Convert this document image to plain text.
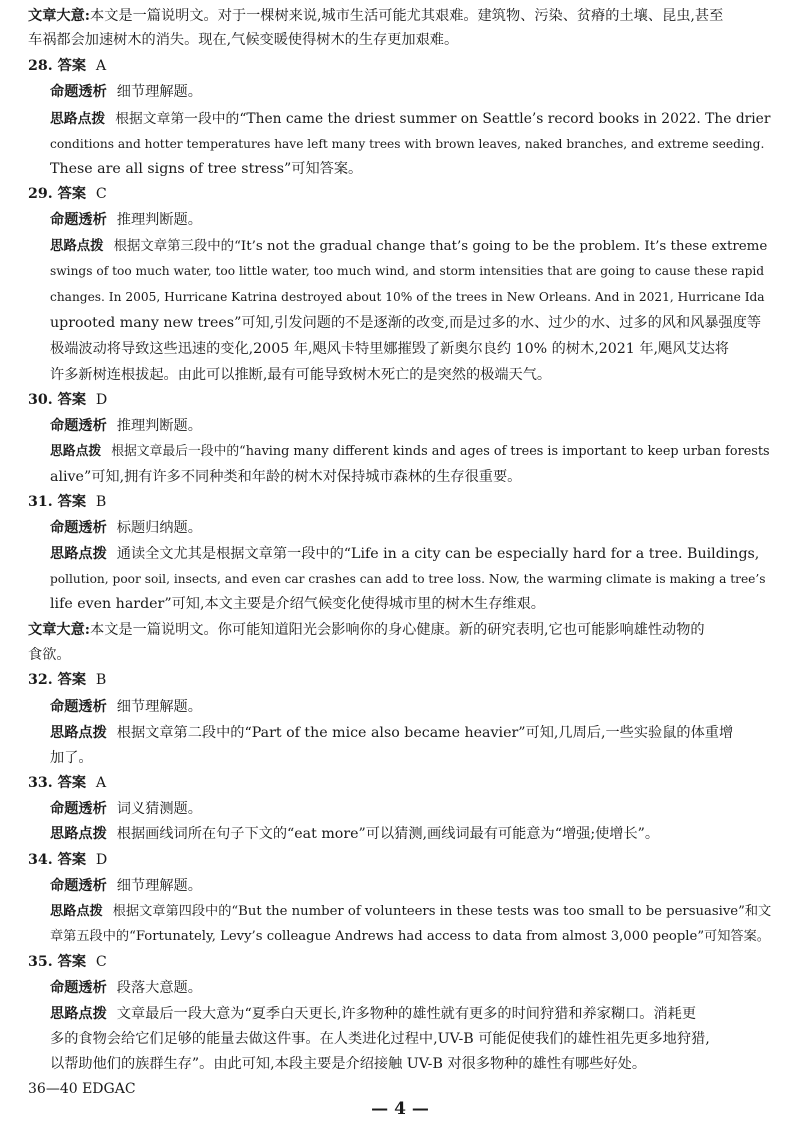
文章大意:本文是一篇说明文。对于一棵树来说,城市生活可能尤其艰难。建筑物、污染、贫瘠的土壤、昆虫,甚至
车祸都会加速树木的消失。现在,气候变暖使得树木的生存更加艰难。
28. 答案 A
命题透析 细节理解题。
思路点拨 根据文章第一段中的“Then came the driest summer on Seattle’s record books in 2022. The drier
conditions and hotter temperatures have left many trees with brown leaves, naked branches, and extreme seeding.
These are all signs of tree stress”可知答案。
29. 答案 C
命题透析 推理判断题。
思路点拨 根据文章第三段中的“It’s not the gradual change that’s going to be the problem. It’s these extreme
swings of too much water, too little water, too much wind, and storm intensities that are going to cause these rapid
changes. In 2005, Hurricane Katrina destroyed about 10% of the trees in New Orleans. And in 2021, Hurricane Ida
uprooted many new trees”可知,引发问题的不是逐渐的改变,而是过多的水、过少的水、过多的风和风暴强度等
极端波动将导致这些迅速的变化,2005 年,飓风卡特里娜摧毁了新奥尔良约 10% 的树木,2021 年,飓风艾达将
许多新树连根拔起。由此可以推断,最有可能导致树木死亡的是突然的极端天气。
30. 答案 D
命题透析 推理判断题。
思路点拨 根据文章最后一段中的“having many different kinds and ages of trees is important to keep urban forests
alive”可知,拥有许多不同种类和年龄的树木对保持城市森林的生存很重要。
31. 答案 B
命题透析 标题归纳题。
思路点拨 通读全文尤其是根据文章第一段中的“Life in a city can be especially hard for a tree. Buildings,
pollution, poor soil, insects, and even car crashes can add to tree loss. Now, the warming climate is making a tree’s
life even harder”可知,本文主要是介绍气候变化使得城市里的树木生存维艰。
文章大意:本文是一篇说明文。你可能知道阳光会影响你的身心健康。新的研究表明,它也可能影响雄性动物的
食欲。
32. 答案 B
命题透析 细节理解题。
思路点拨 根据文章第二段中的“Part of the mice also became heavier”可知,几周后,一些实验鼠的体重增
加了。
33. 答案 A
命题透析 词义猜测题。
思路点拨 根据画线词所在句子下文的“eat more”可以猜测,画线词最有可能意为“增强;使增长”。
34. 答案 D
命题透析 细节理解题。
思路点拨 根据文章第四段中的“But the number of volunteers in these tests was too small to be persuasive”和文
章第五段中的“Fortunately, Levy’s colleague Andrews had access to data from almost 3,000 people”可知答案。
35. 答案 C
命题透析 段落大意题。
思路点拨 文章最后一段大意为“夏季白天更长,许多物种的雄性就有更多的时间狩猎和养家糊口。消耗更
多的食物会给它们足够的能量去做这件事。在人类进化过程中,UV-B 可能促使我们的雄性祖先更多地狩猎,
以帮助他们的族群生存”。由此可知,本段主要是介绍接触 UV-B 对很多物种的雄性有哪些好处。
36—40 EDGAC
— 4 —
